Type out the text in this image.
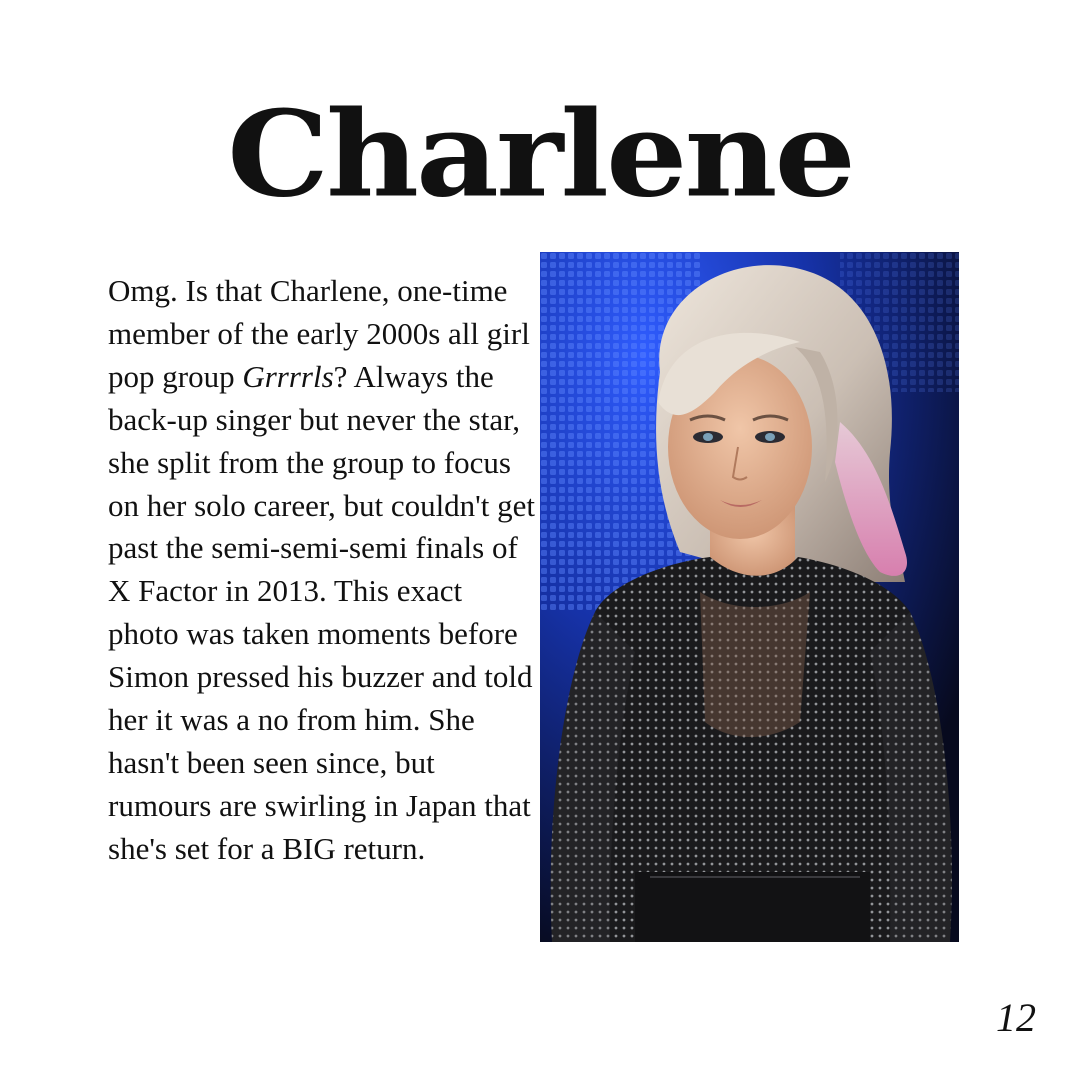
Charlene

Omg. Is that Charlene, one-time member of the early 2000s all girl pop group Grrrrls? Always the back-up singer but never the star, she split from the group to focus on her solo career, but couldn't get past the semi-semi-semi finals of X Factor in 2013. This exact photo was taken moments before Simon pressed his buzzer and told her it was a no from him. She hasn't been seen since, but rumours are swirling in Japan that she's set for a BIG return.

12
